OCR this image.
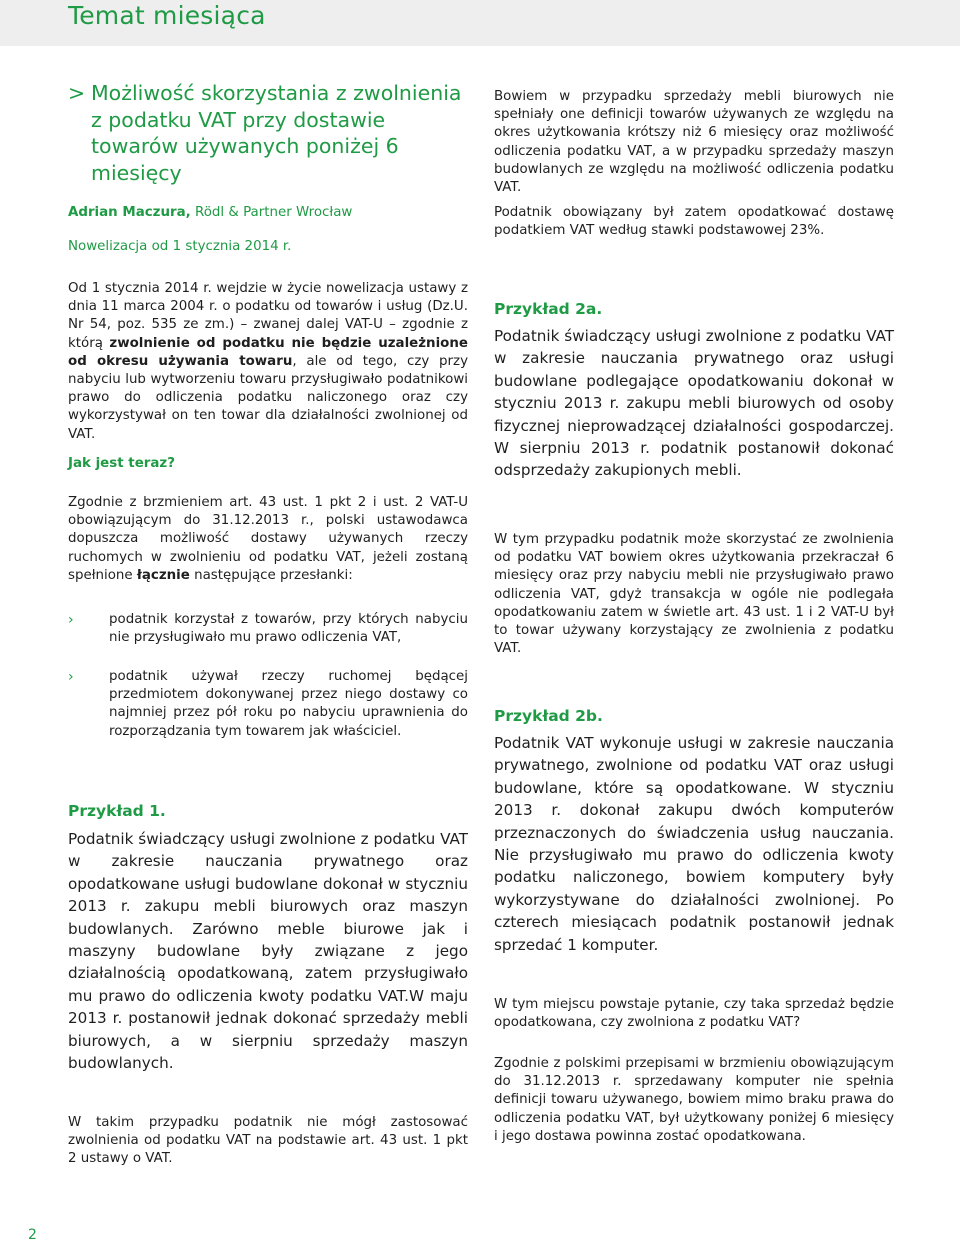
Temat miesiąca
> Możliwość skorzystania z zwolnienia z podatku VAT przy dostawie towarów używanych poniżej 6 miesięcy

Adrian Maczura, Rödl & Partner Wrocław

Nowelizacja od 1 stycznia 2014 r.

Od 1 stycznia 2014 r. wejdzie w życie nowelizacja ustawy z dnia 11 marca 2004 r. o podatku od towarów i usług (Dz.U. Nr 54, poz. 535 ze zm.) – zwanej dalej VAT-U – zgodnie z którą zwolnienie od podatku nie będzie uzależnione od okresu używania towaru, ale od tego, czy przy nabyciu lub wytworzeniu towaru przysługiwało podatnikowi prawo do odliczenia podatku naliczonego oraz czy wykorzystywał on ten towar dla działalności zwolnionej od VAT.

Jak jest teraz?

Zgodnie z brzmieniem art. 43 ust. 1 pkt 2 i ust. 2 VAT-U obowiązującym do 31.12.2013 r., polski ustawodawca dopuszcza możliwość dostawy używanych rzeczy ruchomych w zwolnieniu od podatku VAT, jeżeli zostaną spełnione łącznie następujące przesłanki:

›	podatnik korzystał z towarów, przy których nabyciu nie przysługiwało mu prawo odliczenia VAT,

›	podatnik używał rzeczy ruchomej będącej przedmiotem dokonywanej przez niego dostawy co najmniej przez pół roku po nabyciu uprawnienia do rozporządzania tym towarem jak właściciel.

Przykład 1.

Podatnik świadczący usługi zwolnione z podatku VAT w zakresie nauczania prywatnego oraz opodatkowane usługi budowlane dokonał w styczniu 2013 r. zakupu mebli biurowych oraz maszyn budowlanych. Zarówno meble biurowe jak i maszyny budowlane były związane z jego działalnością opodatkowaną, zatem przysługiwało mu prawo do odliczenia kwoty podatku VAT.W maju 2013 r. postanowił jednak dokonać sprzedaży mebli biurowych, a w sierpniu sprzedaży maszyn budowlanych.

W takim przypadku podatnik nie mógł zastosować zwolnienia od podatku VAT na podstawie art. 43 ust. 1 pkt 2 ustawy o VAT.

Bowiem w przypadku sprzedaży mebli biurowych nie spełniały one definicji towarów używanych ze względu na okres użytkowania krótszy niż 6 miesięcy oraz możliwość odliczenia podatku VAT, a w przypadku sprzedaży maszyn budowlanych ze względu na możliwość odliczenia podatku VAT.

Podatnik obowiązany był zatem opodatkować dostawę podatkiem VAT według stawki podstawowej 23%.

Przykład 2a.

Podatnik świadczący usługi zwolnione z podatku VAT w zakresie nauczania prywatnego oraz usługi budowlane podlegające opodatkowaniu dokonał w styczniu 2013 r. zakupu mebli biurowych od osoby fizycznej nieprowadzącej działalności gospodarczej. W sierpniu 2013 r. podatnik postanowił dokonać odsprzedaży zakupionych mebli.

W tym przypadku podatnik może skorzystać ze zwolnienia od podatku VAT bowiem okres użytkowania przekraczał 6 miesięcy oraz przy nabyciu mebli nie przysługiwało prawo odliczenia VAT, gdyż transakcja w ogóle nie podlegała opodatkowaniu zatem w świetle art. 43 ust. 1 i 2 VAT-U był to towar używany korzystający ze zwolnienia z podatku VAT.

Przykład 2b.

Podatnik VAT wykonuje usługi w zakresie nauczania prywatnego, zwolnione od podatku VAT oraz usługi budowlane, które są opodatkowane. W styczniu 2013 r. dokonał zakupu dwóch komputerów przeznaczonych do świadczenia usług nauczania. Nie przysługiwało mu prawo do odliczenia kwoty podatku naliczonego, bowiem komputery były wykorzystywane do działalności zwolnionej. Po czterech miesiącach podatnik postanowił jednak sprzedać 1 komputer.

W tym miejscu powstaje pytanie, czy taka sprzedaż będzie opodatkowana, czy zwolniona z podatku VAT?

Zgodnie z polskimi przepisami w brzmieniu obowiązującym do 31.12.2013 r. sprzedawany komputer nie spełnia definicji towaru używanego, bowiem mimo braku prawa do odliczenia podatku VAT, był użytkowany poniżej 6 miesięcy i jego dostawa powinna zostać opodatkowana.

2
